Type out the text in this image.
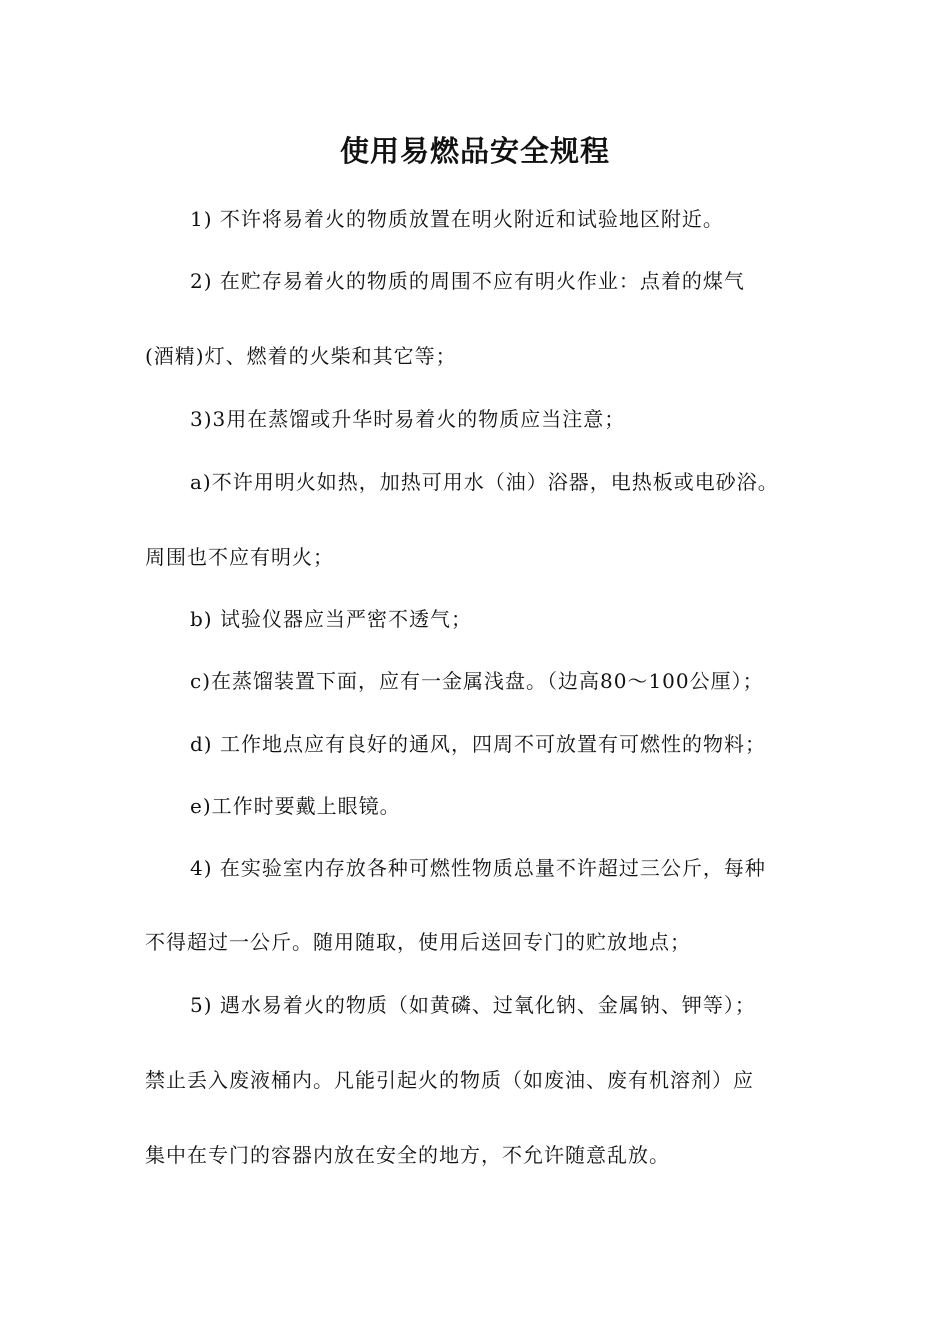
使用易燃品安全规程
1) 不许将易着火的物质放置在明火附近和试验地区附近。
2) 在贮存易着火的物质的周围不应有明火作业：点着的煤气
(酒精)灯、燃着的火柴和其它等；
3)3用在蒸馏或升华时易着火的物质应当注意；
a)不许用明火如热，加热可用水（油）浴器，电热板或电砂浴。
周围也不应有明火；
b) 试验仪器应当严密不透气；
c)在蒸馏装置下面，应有一金属浅盘。（边高80～100公厘）；
d) 工作地点应有良好的通风，四周不可放置有可燃性的物料；
e)工作时要戴上眼镜。
4) 在实验室内存放各种可燃性物质总量不许超过三公斤，每种
不得超过一公斤。随用随取，使用后送回专门的贮放地点；
5) 遇水易着火的物质（如黄磷、过氧化钠、金属钠、钾等）；
禁止丢入废液桶内。凡能引起火的物质（如废油、废有机溶剂）应
集中在专门的容器内放在安全的地方，不允许随意乱放。
